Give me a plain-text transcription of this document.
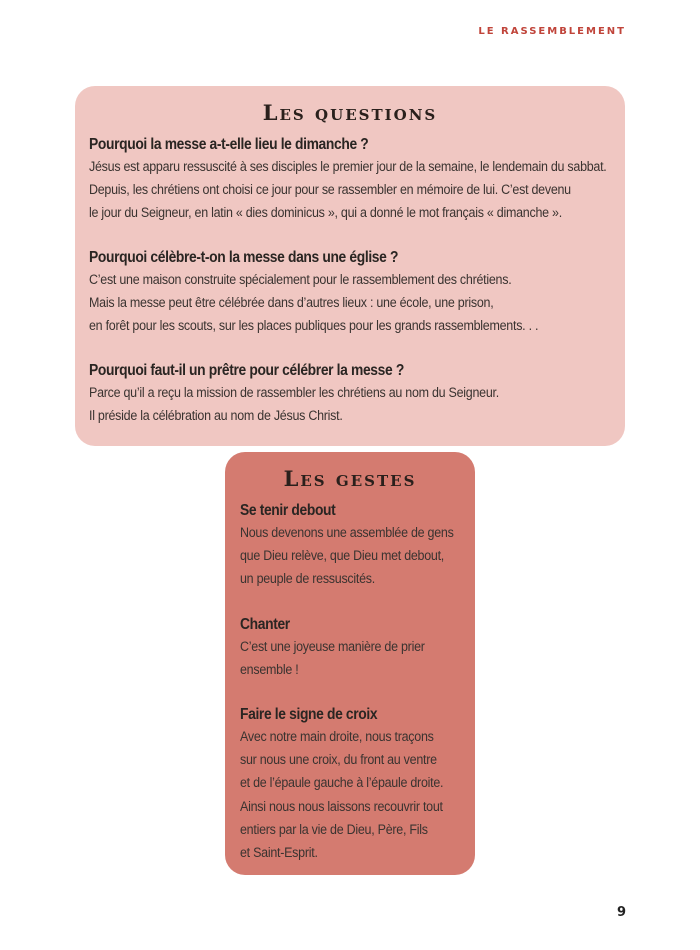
LE RASSEMBLEMENT
Les questions
Pourquoi la messe a-t-elle lieu le dimanche ?
Jésus est apparu ressuscité à ses disciples le premier jour de la semaine, le lendemain du sabbat.
Depuis, les chrétiens ont choisi ce jour pour se rassembler en mémoire de lui. C’est devenu
le jour du Seigneur, en latin « dies dominicus », qui a donné le mot français « dimanche ».
Pourquoi célèbre-t-on la messe dans une église ?
C’est une maison construite spécialement pour le rassemblement des chrétiens.
Mais la messe peut être célébrée dans d’autres lieux : une école, une prison,
en forêt pour les scouts, sur les places publiques pour les grands rassemblements. . .
Pourquoi faut-il un prêtre pour célébrer la messe ?
Parce qu’il a reçu la mission de rassembler les chrétiens au nom du Seigneur.
Il préside la célébration au nom de Jésus Christ.
Les gestes
Se tenir debout
Nous devenons une assemblée de gens
que Dieu relève, que Dieu met debout,
un peuple de ressuscités.
Chanter
C’est une joyeuse manière de prier
ensemble !
Faire le signe de croix
Avec notre main droite, nous traçons
sur nous une croix, du front au ventre
et de l’épaule gauche à l’épaule droite.
Ainsi nous nous laissons recouvrir tout
entiers par la vie de Dieu, Père, Fils
et Saint-Esprit.
9
